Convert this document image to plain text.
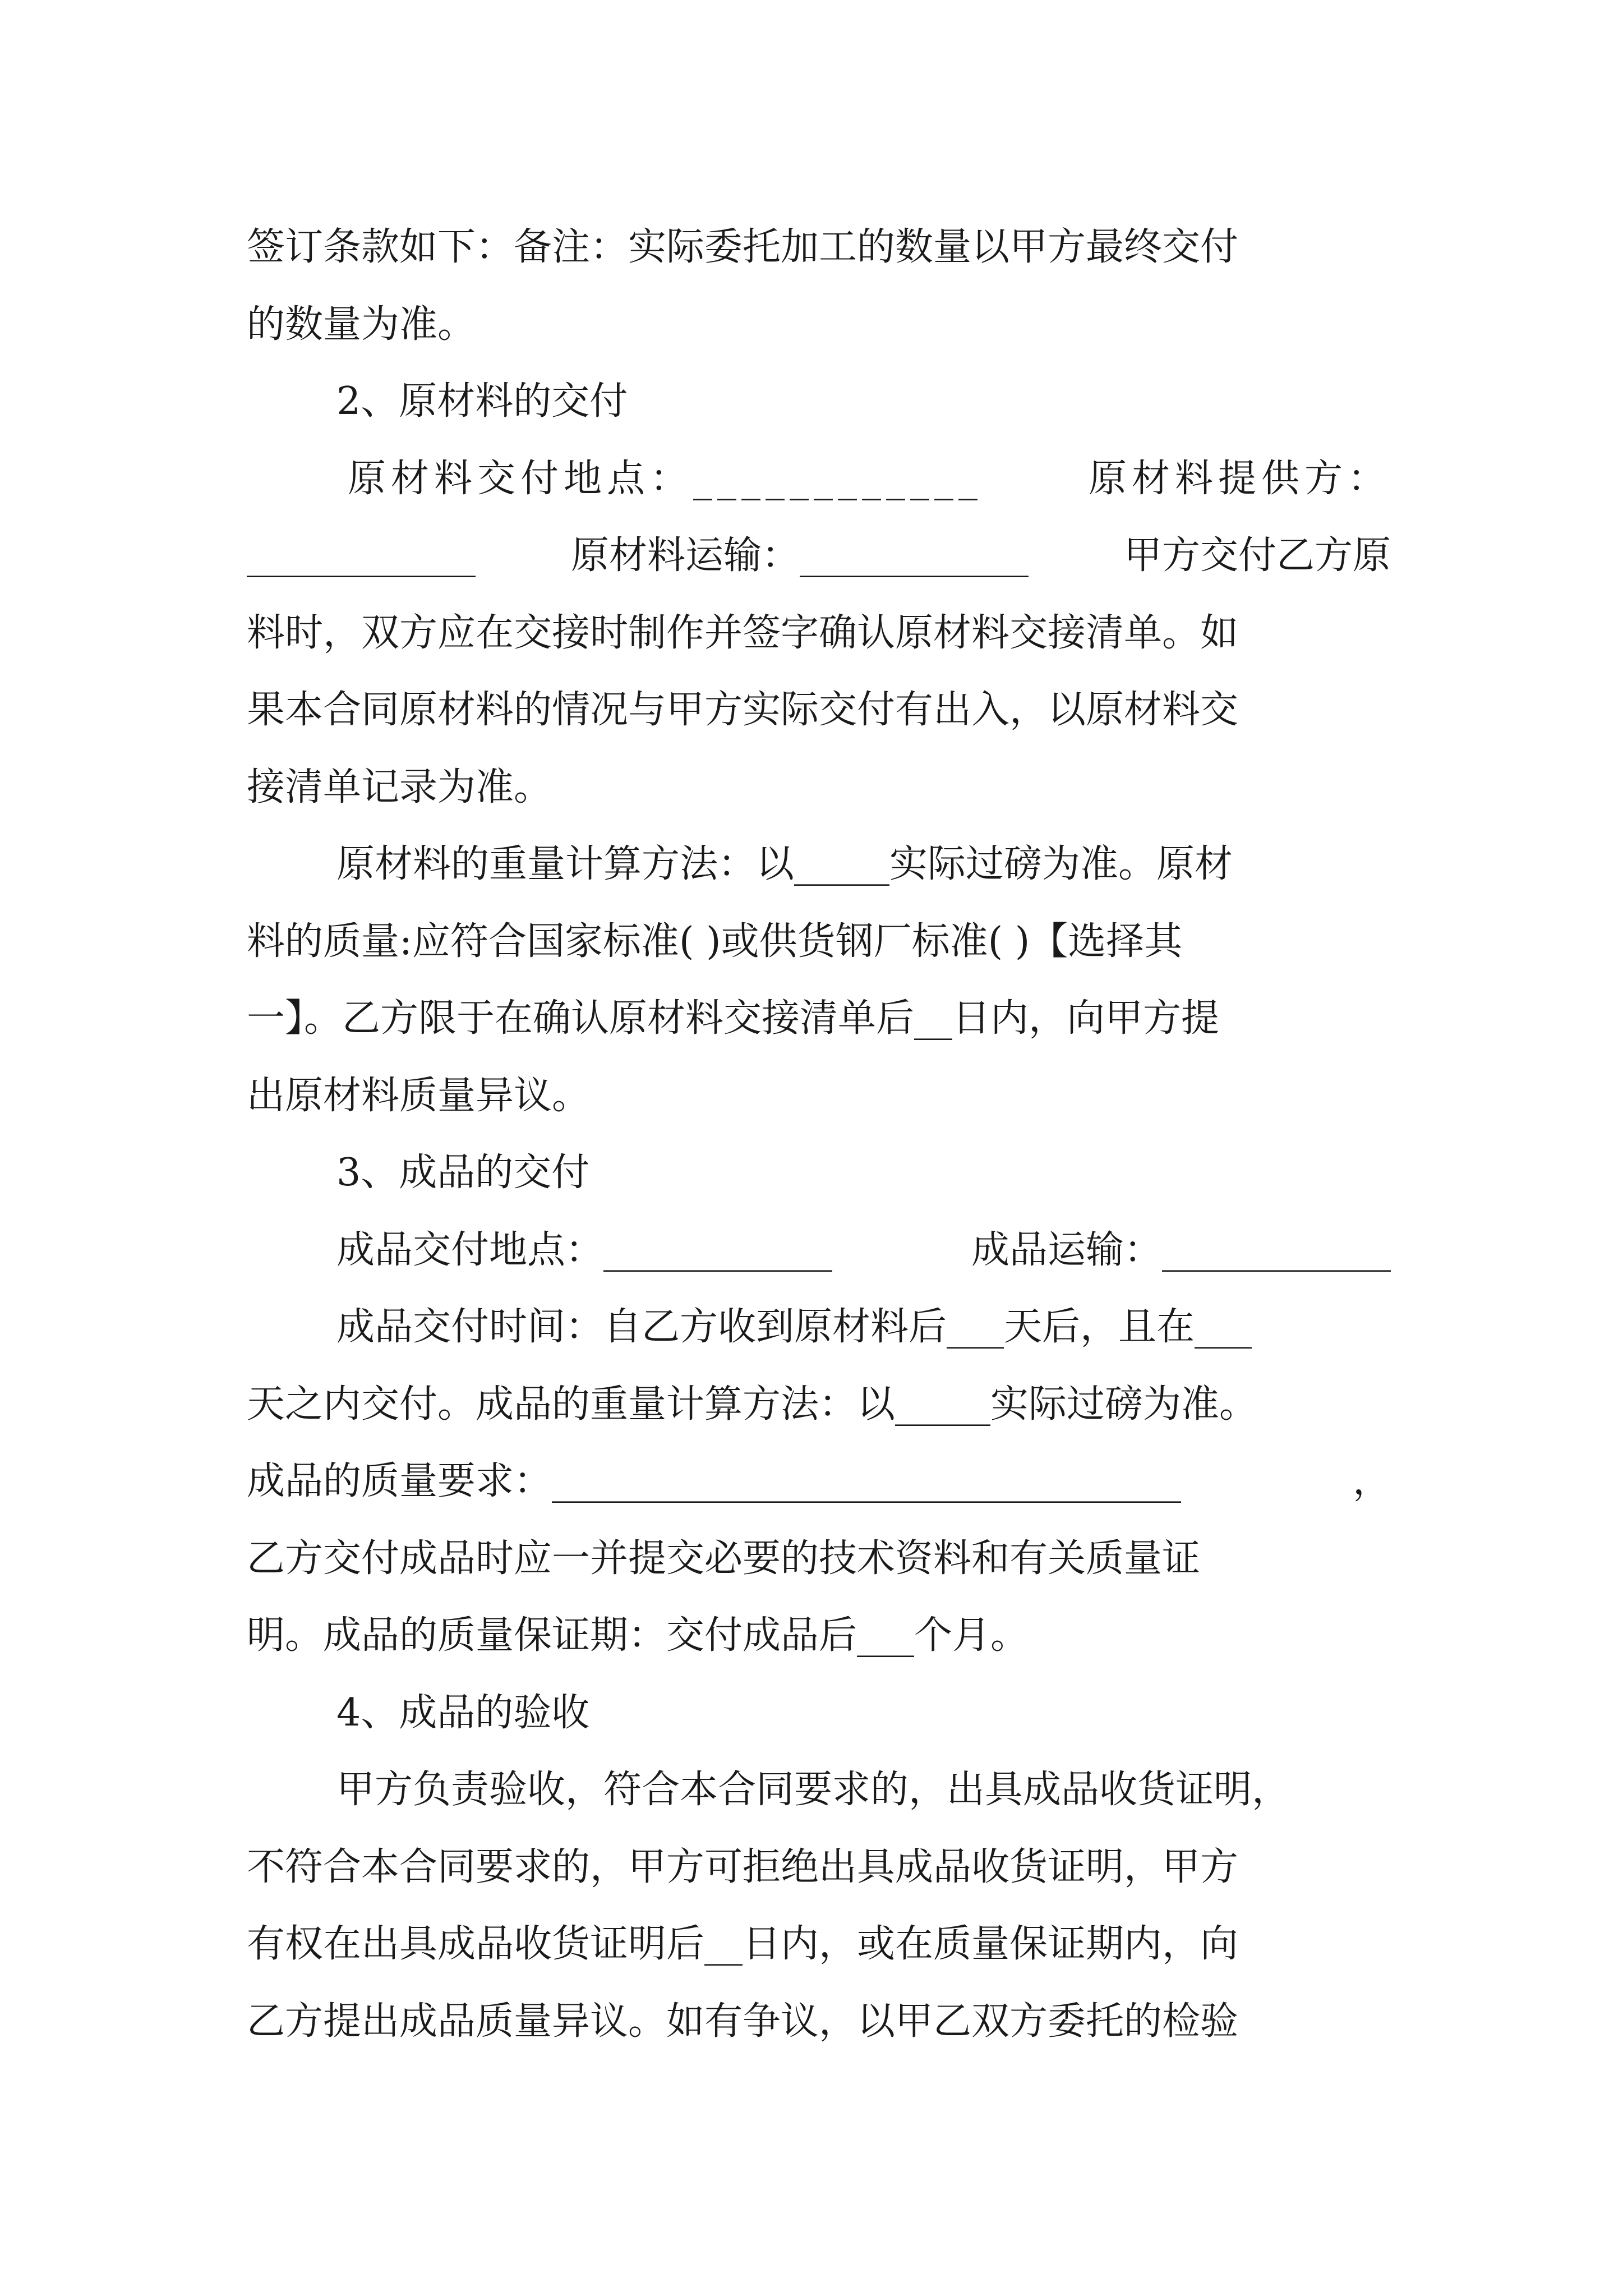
签订条款如下：备注：实际委托加工的数量以甲方最终交付
的数量为准。
2、原材料的交付
原材料交付地点：____________	原材料提供方：
____________ 原材料运输：____________ 甲方交付乙方原
料时，双方应在交接时制作并签字确认原材料交接清单。如
果本合同原材料的情况与甲方实际交付有出入，以原材料交
接清单记录为准。
原材料的重量计算方法：以_____实际过磅为准。原材
料的质量:应符合国家标准( )或供货钢厂标准( )【选择其
一】。乙方限于在确认原材料交接清单后__日内，向甲方提
出原材料质量异议。
3、成品的交付
成品交付地点：____________	成品运输：____________
成品交付时间：自乙方收到原材料后___天后，且在___
天之内交付。成品的重量计算方法：以_____实际过磅为准。
成品的质量要求：_________________________________	，
乙方交付成品时应一并提交必要的技术资料和有关质量证
明。成品的质量保证期：交付成品后___个月。
4、成品的验收
甲方负责验收，符合本合同要求的，出具成品收货证明，
不符合本合同要求的，甲方可拒绝出具成品收货证明，甲方
有权在出具成品收货证明后__日内，或在质量保证期内，向
乙方提出成品质量异议。如有争议，以甲乙双方委托的检验
